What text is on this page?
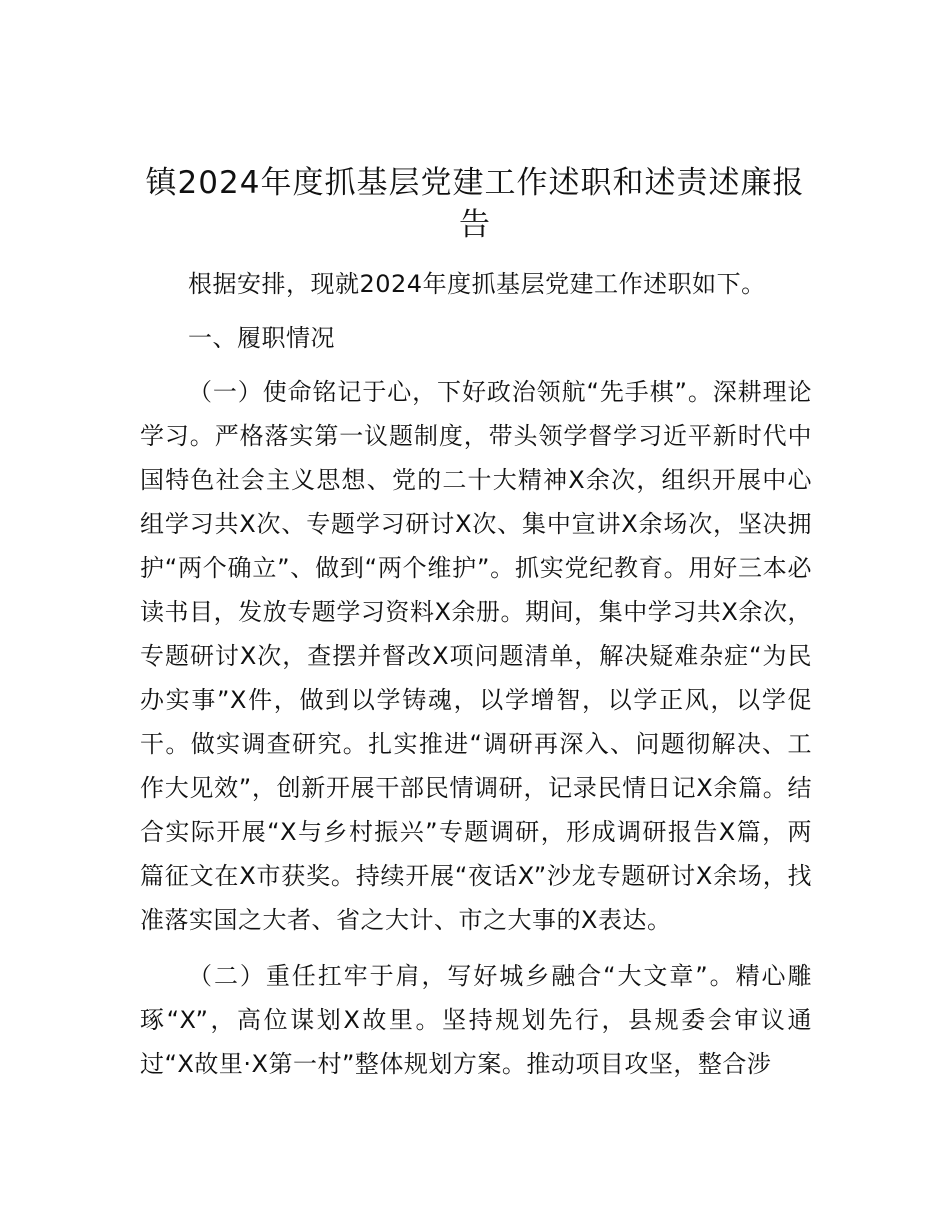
镇2024年度抓基层党建工作述职和述责述廉报告

根据安排，现就2024年度抓基层党建工作述职如下。

一、履职情况

（一）使命铭记于心，下好政治领航“先手棋”。深耕理论学习。严格落实第一议题制度，带头领学督学习近平新时代中国特色社会主义思想、党的二十大精神X余次，组织开展中心组学习共X次、专题学习研讨X次、集中宣讲X余场次，坚决拥护“两个确立”、做到“两个维护”。抓实党纪教育。用好三本必读书目，发放专题学习资料X余册。期间，集中学习共X余次，专题研讨X次，查摆并督改X项问题清单，解决疑难杂症“为民办实事”X件，做到以学铸魂，以学增智，以学正风，以学促干。做实调查研究。扎实推进“调研再深入、问题彻解决、工作大见效”，创新开展干部民情调研，记录民情日记X余篇。结合实际开展“X与乡村振兴”专题调研，形成调研报告X篇，两篇征文在X市获奖。持续开展“夜话X”沙龙专题研讨X余场，找准落实国之大者、省之大计、市之大事的X表达。

（二）重任扛牢于肩，写好城乡融合“大文章”。精心雕琢“X”，高位谋划X故里。坚持规划先行，县规委会审议通过“X故里·X第一村”整体规划方案。推动项目攻坚，整合涉
